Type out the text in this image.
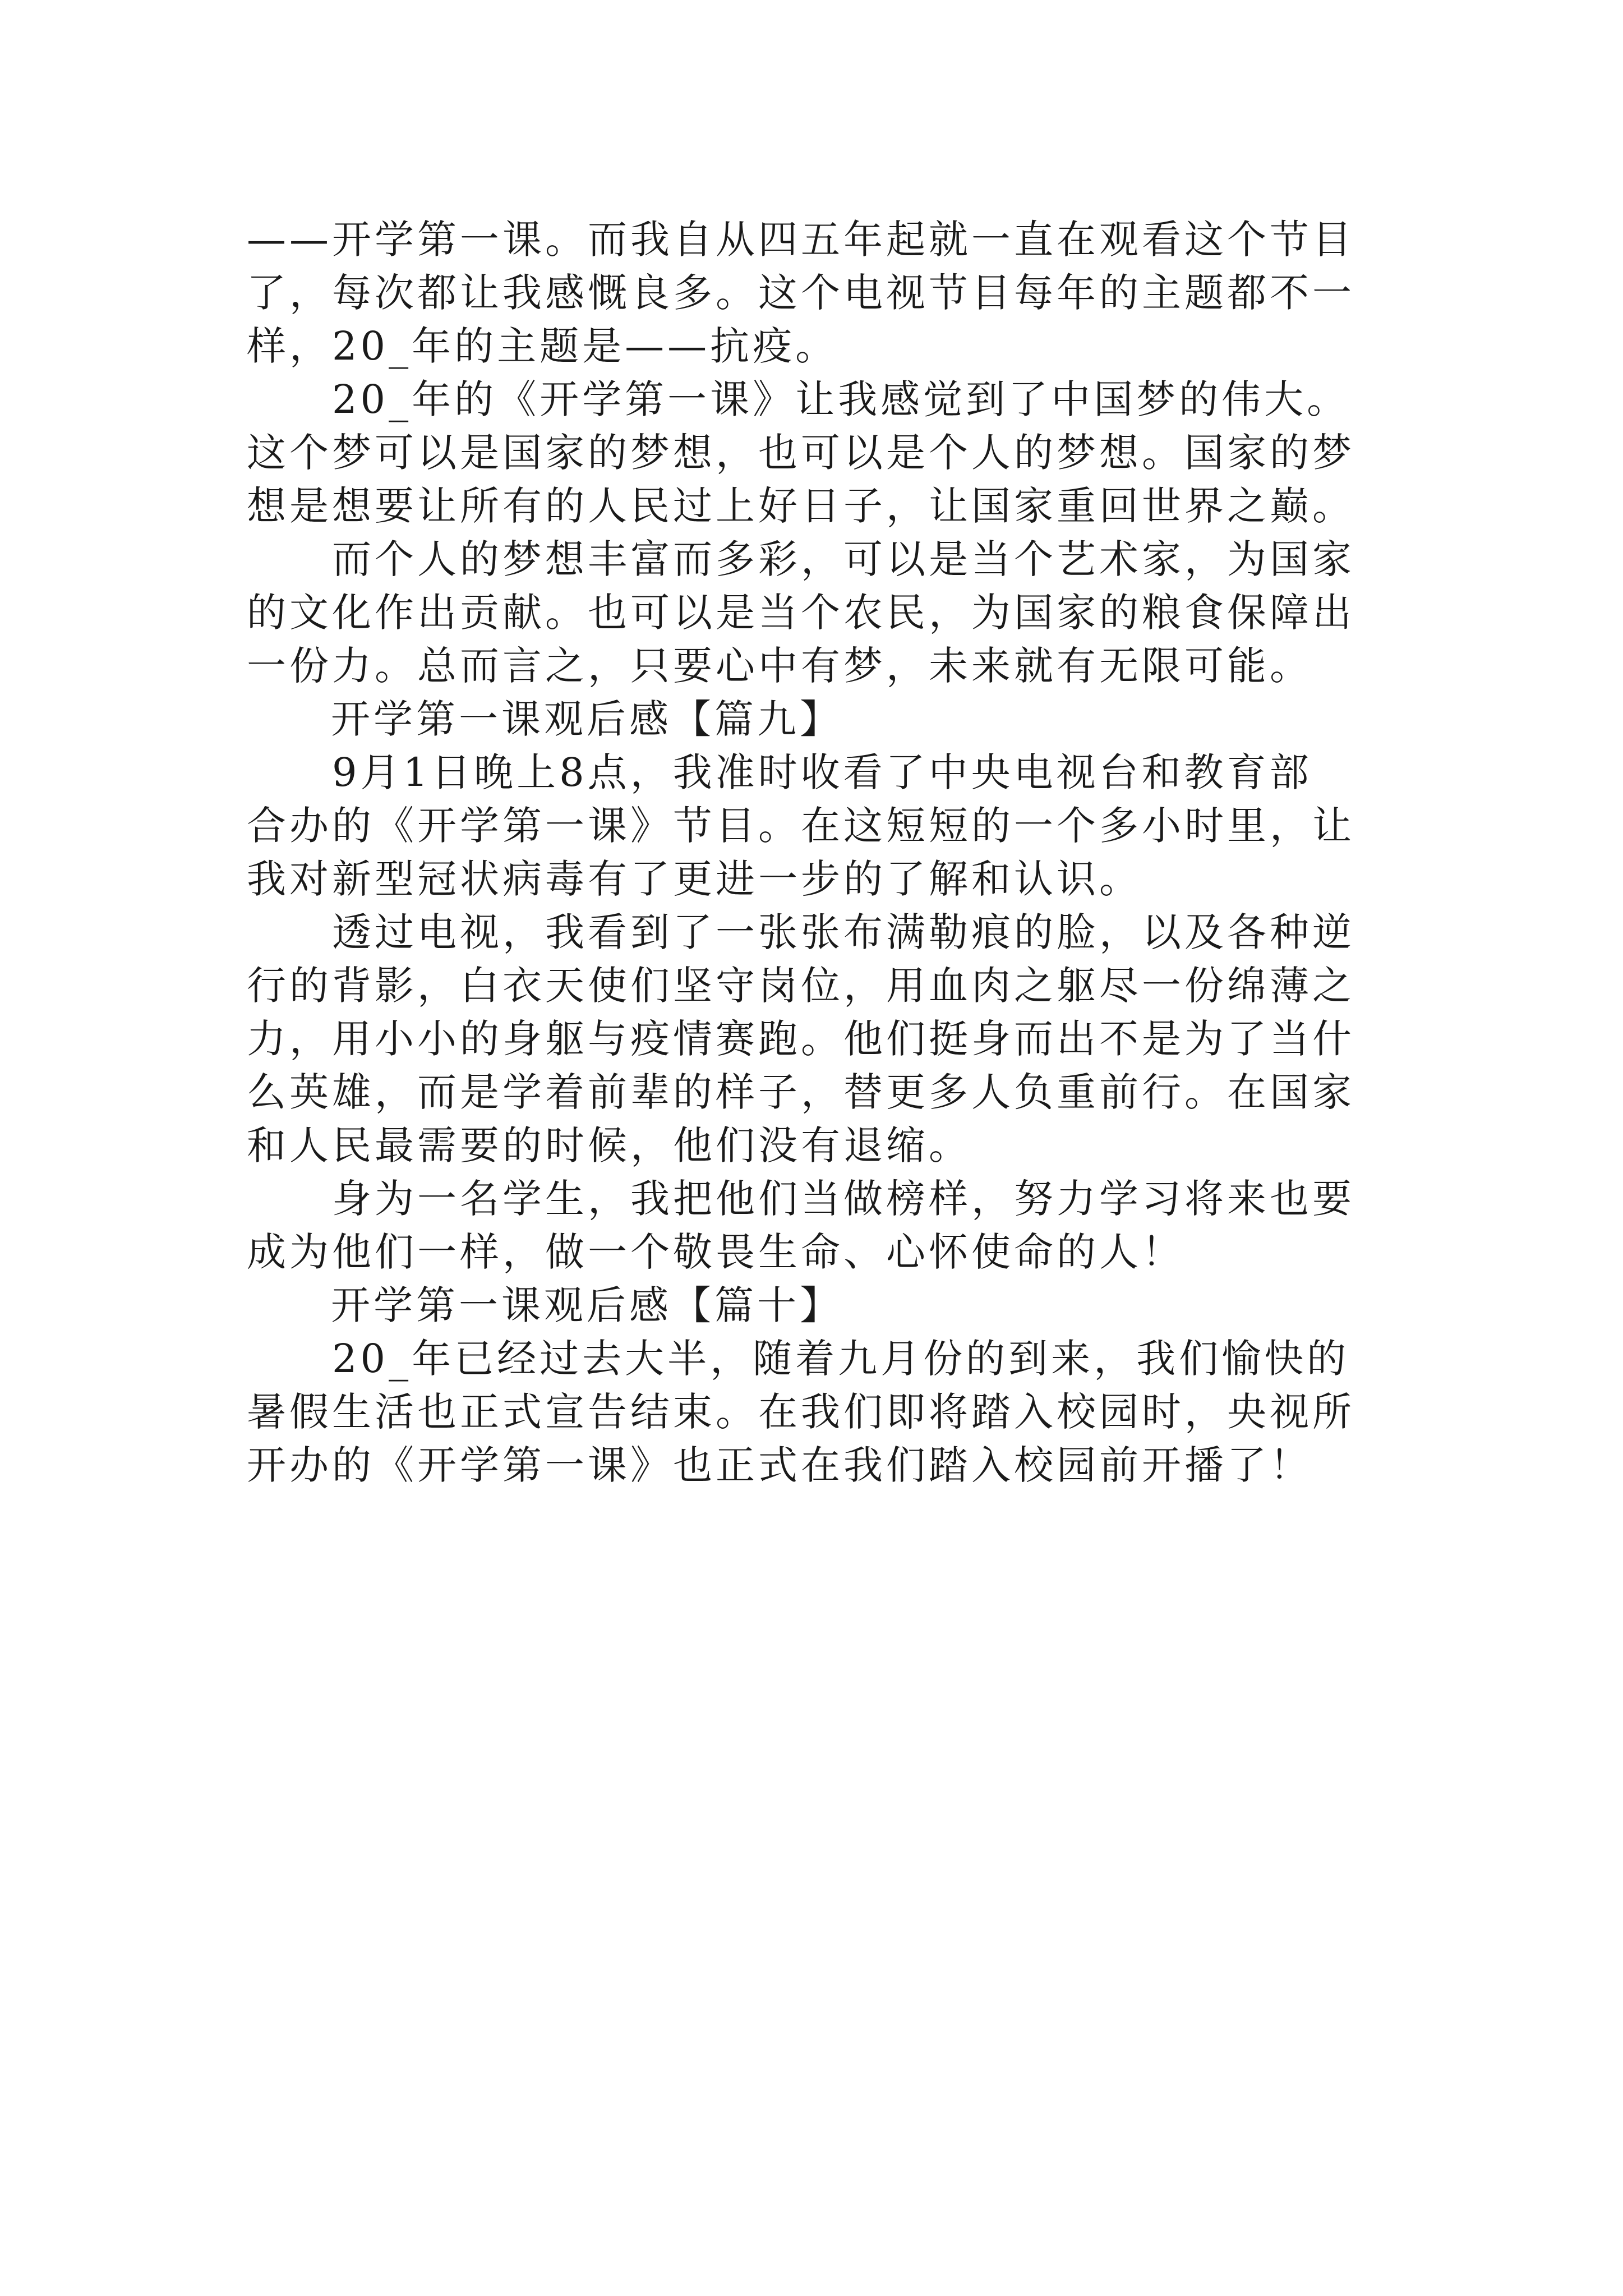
——开学第一课。而我自从四五年起就一直在观看这个节目
了，每次都让我感慨良多。这个电视节目每年的主题都不一
样，20_年的主题是——抗疫。

　　20_年的《开学第一课》让我感觉到了中国梦的伟大。
这个梦可以是国家的梦想，也可以是个人的梦想。国家的梦
想是想要让所有的人民过上好日子，让国家重回世界之巅。

　　而个人的梦想丰富而多彩，可以是当个艺术家，为国家
的文化作出贡献。也可以是当个农民，为国家的粮食保障出
一份力。总而言之，只要心中有梦，未来就有无限可能。

开学第一课观后感【篇九】

　　9月1日晚上8点，我准时收看了中央电视台和教育部
合办的《开学第一课》节目。在这短短的一个多小时里，让
我对新型冠状病毒有了更进一步的了解和认识。

　　透过电视，我看到了一张张布满勒痕的脸，以及各种逆
行的背影，白衣天使们坚守岗位，用血肉之躯尽一份绵薄之
力，用小小的身躯与疫情赛跑。他们挺身而出不是为了当什
么英雄，而是学着前辈的样子，替更多人负重前行。在国家
和人民最需要的时候，他们没有退缩。

　　身为一名学生，我把他们当做榜样，努力学习将来也要
成为他们一样，做一个敬畏生命、心怀使命的人！

开学第一课观后感【篇十】

　　20_年已经过去大半，随着九月份的到来，我们愉快的
暑假生活也正式宣告结束。在我们即将踏入校园时，央视所
开办的《开学第一课》也正式在我们踏入校园前开播了！
